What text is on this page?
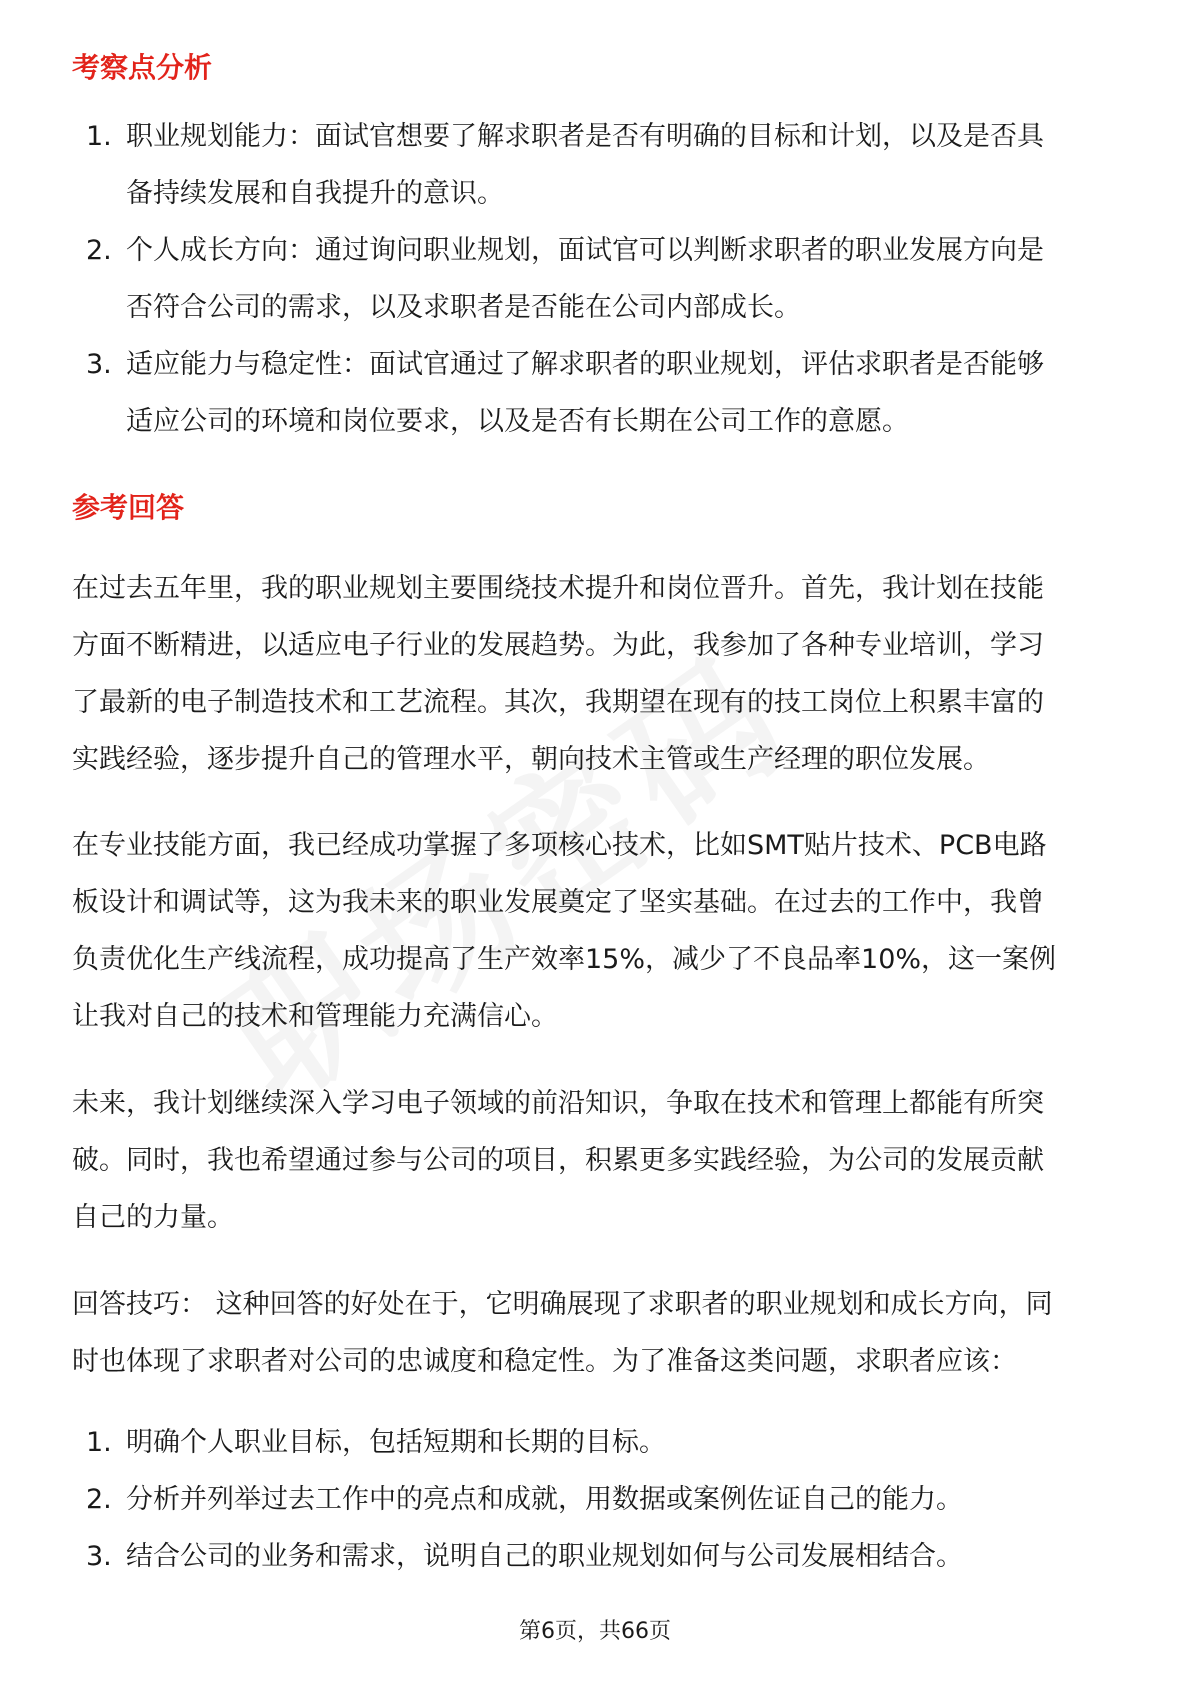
考察点分析
1. 职业规划能力：面试官想要了解求职者是否有明确的目标和计划，以及是否具
备持续发展和自我提升的意识。
2. 个人成长方向：通过询问职业规划，面试官可以判断求职者的职业发展方向是
否符合公司的需求，以及求职者是否能在公司内部成长。
3. 适应能力与稳定性：面试官通过了解求职者的职业规划，评估求职者是否能够
适应公司的环境和岗位要求，以及是否有长期在公司工作的意愿。
参考回答
在过去五年里，我的职业规划主要围绕技术提升和岗位晋升。首先，我计划在技能
方面不断精进，以适应电子行业的发展趋势。为此，我参加了各种专业培训，学习
了最新的电子制造技术和工艺流程。其次，我期望在现有的技工岗位上积累丰富的
实践经验，逐步提升自己的管理水平，朝向技术主管或生产经理的职位发展。
在专业技能方面，我已经成功掌握了多项核心技术，比如SMT贴片技术、PCB电路
板设计和调试等，这为我未来的职业发展奠定了坚实基础。在过去的工作中，我曾
负责优化生产线流程，成功提高了生产效率15%，减少了不良品率10%，这一案例
让我对自己的技术和管理能力充满信心。
未来，我计划继续深入学习电子领域的前沿知识，争取在技术和管理上都能有所突
破。同时，我也希望通过参与公司的项目，积累更多实践经验，为公司的发展贡献
自己的力量。
回答技巧： 这种回答的好处在于，它明确展现了求职者的职业规划和成长方向，同
时也体现了求职者对公司的忠诚度和稳定性。为了准备这类问题，求职者应该：
1. 明确个人职业目标，包括短期和长期的目标。
2. 分析并列举过去工作中的亮点和成就，用数据或案例佐证自己的能力。
3. 结合公司的业务和需求，说明自己的职业规划如何与公司发展相结合。
第6页，共66页
